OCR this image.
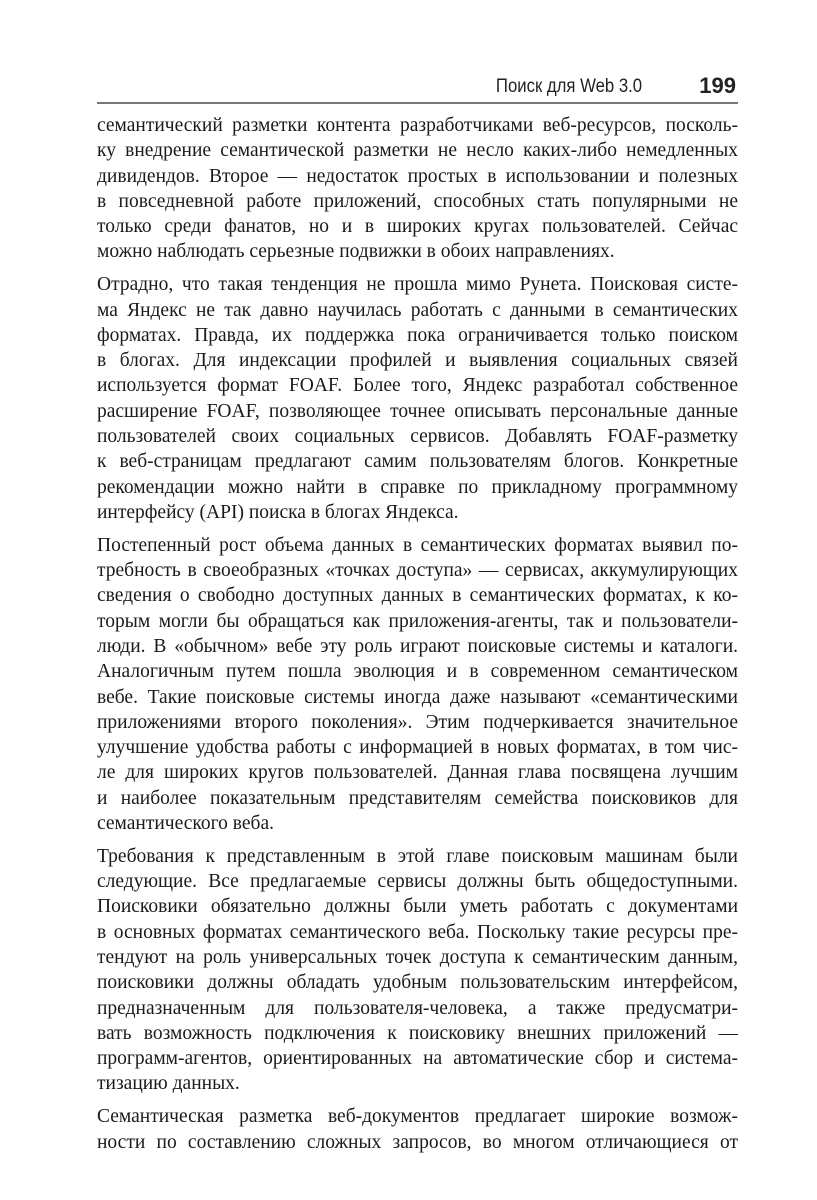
Поиск для Web 3.0	199
семантический разметки контента разработчиками веб-ресурсов, посколь-
ку внедрение семантической разметки не несло каких-либо немедленных
дивидендов. Второе — недостаток простых в использовании и полезных
в повседневной работе приложений, способных стать популярными не
только среди фанатов, но и в широких кругах пользователей. Сейчас
можно наблюдать серьезные подвижки в обоих направлениях.
Отрадно, что такая тенденция не прошла мимо Рунета. Поисковая систе-
ма Яндекс не так давно научилась работать с данными в семантических
форматах. Правда, их поддержка пока ограничивается только поиском
в блогах. Для индексации профилей и выявления социальных связей
используется формат FOAF. Более того, Яндекс разработал собственное
расширение FOAF, позволяющее точнее описывать персональные данные
пользователей своих социальных сервисов. Добавлять FOAF-разметку
к веб-страницам предлагают самим пользователям блогов. Конкретные
рекомендации можно найти в справке по прикладному программному
интерфейсу (API) поиска в блогах Яндекса.
Постепенный рост объема данных в семантических форматах выявил по-
требность в своеобразных «точках доступа» — сервисах, аккумулирующих
сведения о свободно доступных данных в семантических форматах, к ко-
торым могли бы обращаться как приложения-агенты, так и пользователи-
люди. В «обычном» вебе эту роль играют поисковые системы и каталоги.
Аналогичным путем пошла эволюция и в современном семантическом
вебе. Такие поисковые системы иногда даже называют «семантическими
приложениями второго поколения». Этим подчеркивается значительное
улучшение удобства работы с информацией в новых форматах, в том чис-
ле для широких кругов пользователей. Данная глава посвящена лучшим
и наиболее показательным представителям семейства поисковиков для
семантического веба.
Требования к представленным в этой главе поисковым машинам были
следующие. Все предлагаемые сервисы должны быть общедоступными.
Поисковики обязательно должны были уметь работать с документами
в основных форматах семантического веба. Поскольку такие ресурсы пре-
тендуют на роль универсальных точек доступа к семантическим данным,
поисковики должны обладать удобным пользовательским интерфейсом,
предназначенным для пользователя-человека, а также предусматри-
вать возможность подключения к поисковику внешних приложений —
программ-агентов, ориентированных на автоматические сбор и система-
тизацию данных.
Семантическая разметка веб-документов предлагает широкие возмож-
ности по составлению сложных запросов, во многом отличающиеся от
